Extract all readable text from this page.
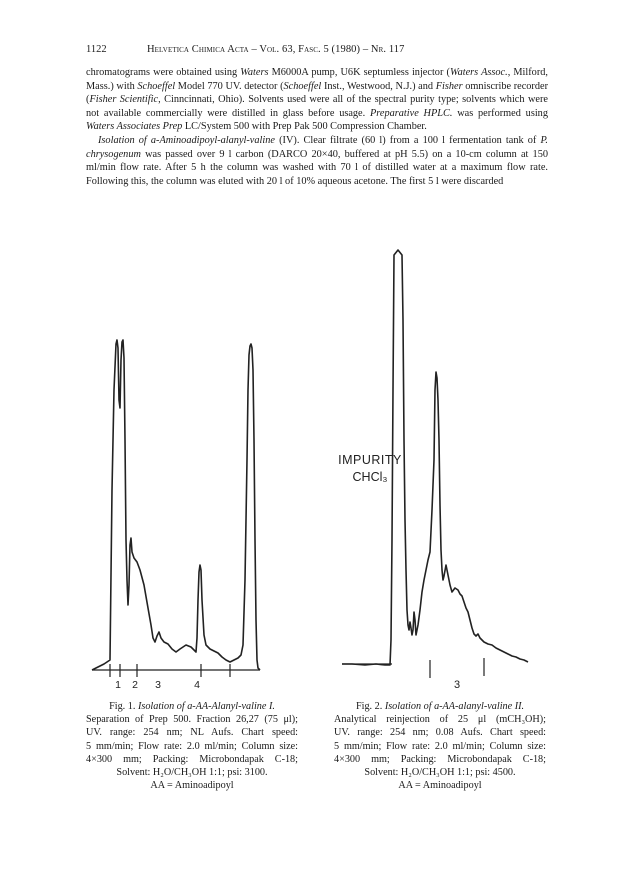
1122	Helvetica Chimica Acta – Vol. 63, Fasc. 5 (1980) – Nr. 117

chromatograms were obtained using Waters M6000A pump, U6K septumless injector (Waters Assoc., Milford, Mass.) with Schoeffel Model 770 UV. detector (Schoeffel Inst., Westwood, N.J.) and Fisher omniscribe recorder (Fisher Scientific, Cinncinnati, Ohio). Solvents used were all of the spectral purity type; solvents which were not available commercially were distilled in glass before usage. Preparative HPLC. was performed using Waters Associates Prep LC/System 500 with Prep Pak 500 Compression Chamber.

Isolation of a-Aminoadipoyl-alanyl-valine (IV). Clear filtrate (60 l) from a 100 l fermentation tank of P. chrysogenum was passed over 9 l carbon (DARCO 20×40, buffered at pH 5.5) on a 10-cm column at 150 ml/min flow rate. After 5 h the column was washed with 70 l of distilled water at a maximum flow rate. Following this, the column was eluted with 20 l of 10% aqueous acetone. The first 5 l were discarded

1 2 3	4	3
IMPURITY
CHCl₃
Fig. 1. Isolation of a-AA-Alanyl-valine I.
Separation of Prep 500. Fraction 26,27 (75 μl);
UV. range: 254 nm; NL Aufs. Chart speed:
5 mm/min; Flow rate: 2.0 ml/min; Column size:
4×300 mm; Packing: Microbondapak C-18;
Solvent: H₂O/CH₃OH 1:1; psi: 3100.
AA = Aminoadipoyl
Fig. 2. Isolation of a-AA-alanyl-valine II.
Analytical reinjection of 25 μl (mCH₃OH);
UV. range: 254 nm; 0.08 Aufs. Chart speed:
5 mm/min; Flow rate: 2.0 ml/min; Column size:
4×300 mm; Packing: Microbondapak C-18;
Solvent: H₂O/CH₃OH 1:1; psi: 4500.
AA = Aminoadipoyl
